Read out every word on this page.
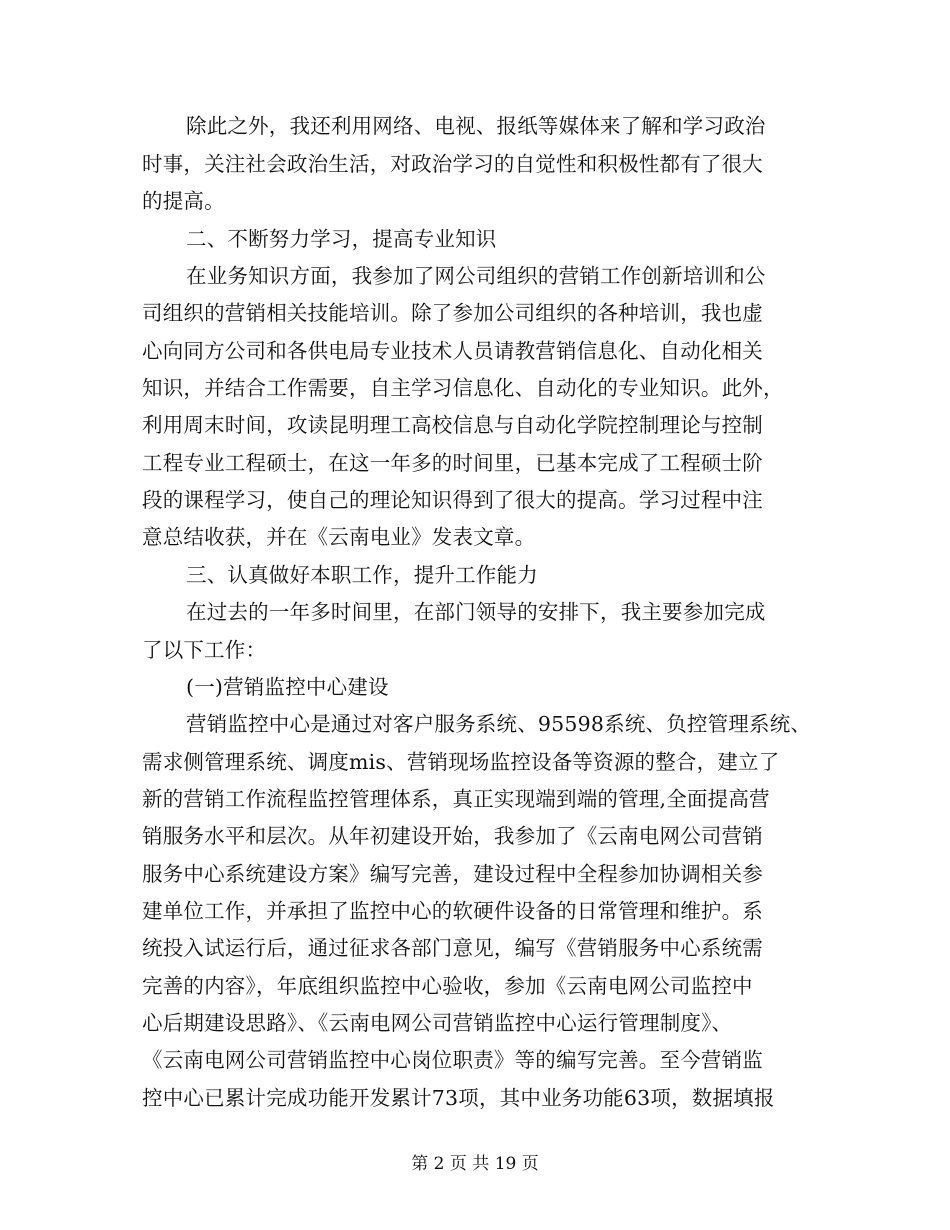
除此之外，我还利用网络、电视、报纸等媒体来了解和学习政治
时事，关注社会政治生活，对政治学习的自觉性和积极性都有了很大
的提高。
二、不断努力学习，提高专业知识
在业务知识方面，我参加了网公司组织的营销工作创新培训和公
司组织的营销相关技能培训。除了参加公司组织的各种培训，我也虚
心向同方公司和各供电局专业技术人员请教营销信息化、自动化相关
知识，并结合工作需要，自主学习信息化、自动化的专业知识。此外，
利用周末时间，攻读昆明理工高校信息与自动化学院控制理论与控制
工程专业工程硕士，在这一年多的时间里，已基本完成了工程硕士阶
段的课程学习，使自己的理论知识得到了很大的提高。学习过程中注
意总结收获，并在《云南电业》发表文章。
三、认真做好本职工作，提升工作能力
在过去的一年多时间里，在部门领导的安排下，我主要参加完成
了以下工作：
(一)营销监控中心建设
营销监控中心是通过对客户服务系统、95598系统、负控管理系统、
需求侧管理系统、调度mis、营销现场监控设备等资源的整合，建立了
新的营销工作流程监控管理体系，真正实现端到端的管理,全面提高营
销服务水平和层次。从年初建设开始，我参加了《云南电网公司营销
服务中心系统建设方案》编写完善，建设过程中全程参加协调相关参
建单位工作，并承担了监控中心的软硬件设备的日常管理和维护。系
统投入试运行后，通过征求各部门意见，编写《营销服务中心系统需
完善的内容》，年底组织监控中心验收，参加《云南电网公司监控中
心后期建设思路》、《云南电网公司营销监控中心运行管理制度》、
《云南电网公司营销监控中心岗位职责》等的编写完善。至今营销监
控中心已累计完成功能开发累计73项，其中业务功能63项，数据填报
第 2 页 共 19 页
